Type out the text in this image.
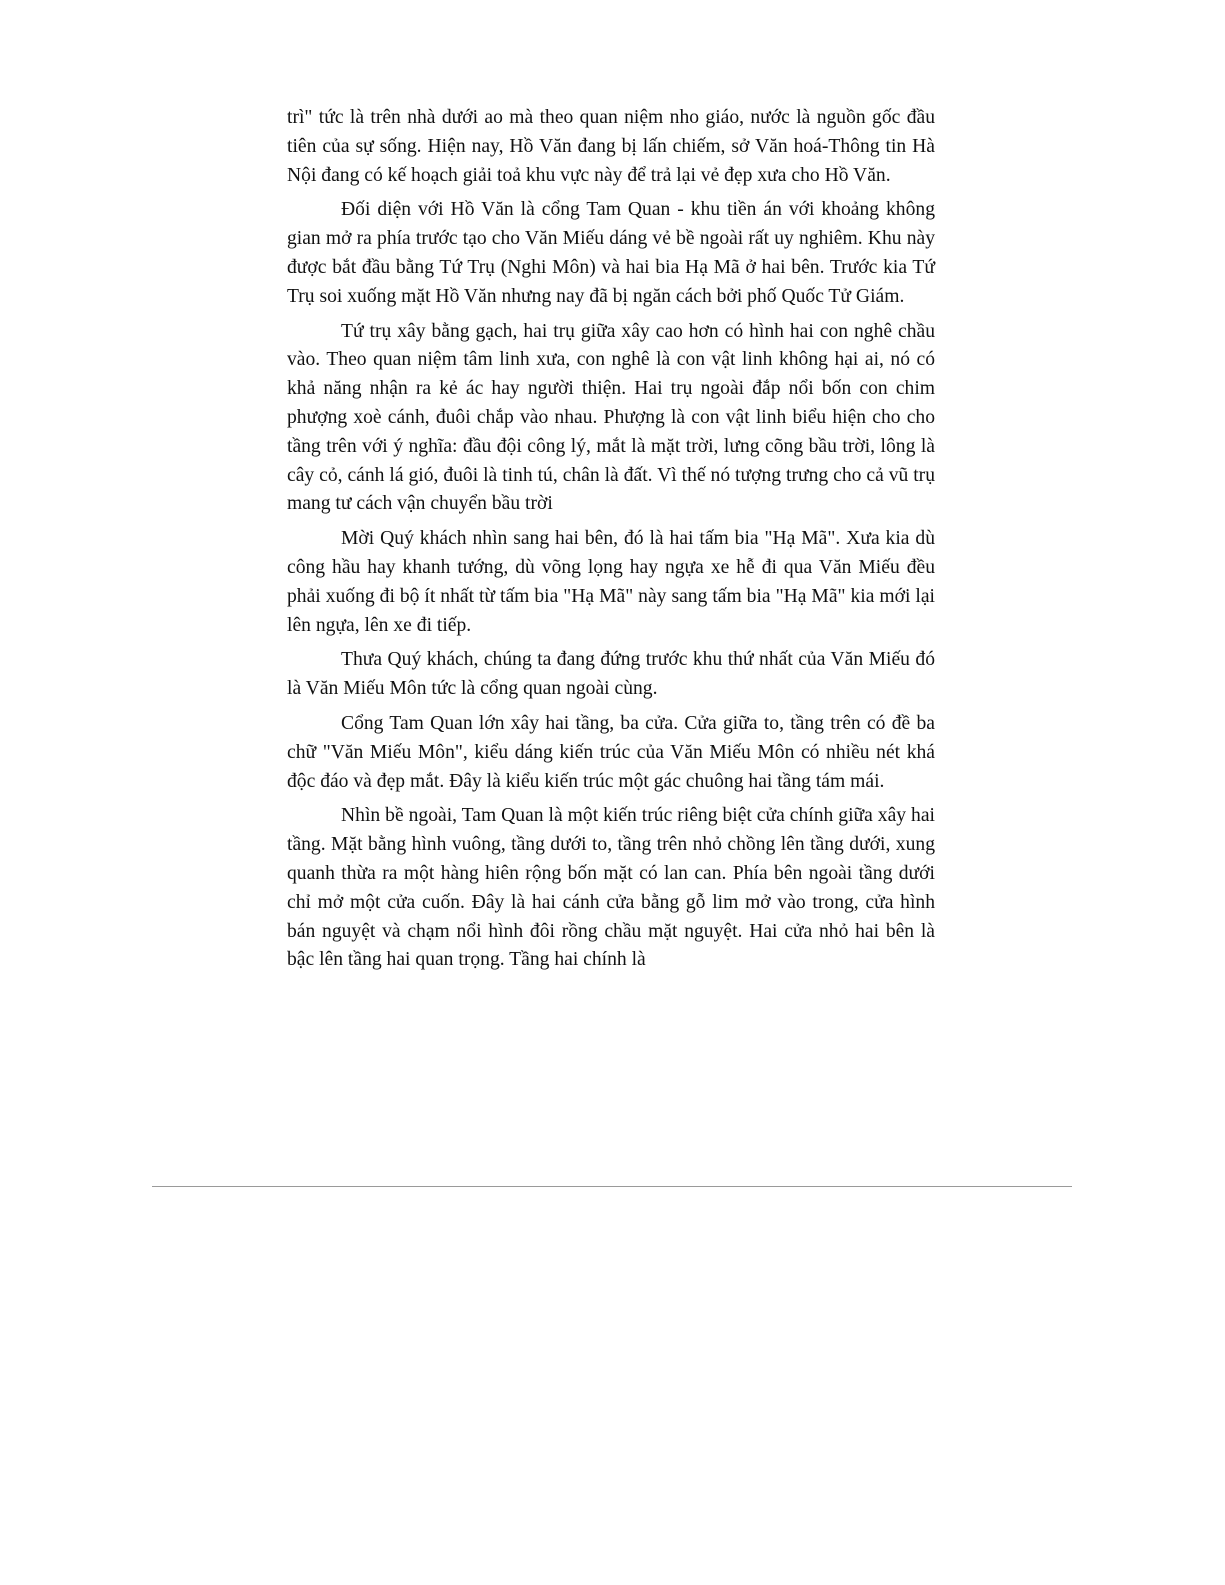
trì" tức là trên nhà dưới ao mà theo quan niệm nho giáo, nước là nguồn gốc đầu tiên của sự sống. Hiện nay, Hồ Văn đang bị lấn chiếm, sở Văn hoá-Thông tin Hà Nội đang có kế hoạch giải toả khu vực này để trả lại vẻ đẹp xưa cho Hồ Văn.

Đối diện với Hồ Văn là cổng Tam Quan - khu tiền án với khoảng không gian mở ra phía trước tạo cho Văn Miếu dáng vẻ bề ngoài rất uy nghiêm. Khu này được bắt đầu bằng Tứ Trụ (Nghi Môn) và hai bia Hạ Mã ở hai bên. Trước kia Tứ Trụ soi xuống mặt Hồ Văn nhưng nay đã bị ngăn cách bởi phố Quốc Tử Giám.

Tứ trụ xây bằng gạch, hai trụ giữa xây cao hơn có hình hai con nghê chầu vào. Theo quan niệm tâm linh xưa, con nghê là con vật linh không hại ai, nó có khả năng nhận ra kẻ ác hay người thiện. Hai trụ ngoài đắp nổi bốn con chim phượng xoè cánh, đuôi chắp vào nhau. Phượng là con vật linh biểu hiện cho cho tầng trên với ý nghĩa: đầu đội công lý, mắt là mặt trời, lưng cõng bầu trời, lông là cây cỏ, cánh lá gió, đuôi là tinh tú, chân là đất. Vì thế nó tượng trưng cho cả vũ trụ mang tư cách vận chuyển bầu trời

Mời Quý khách nhìn sang hai bên, đó là hai tấm bia "Hạ Mã". Xưa kia dù công hầu hay khanh tướng, dù võng lọng hay ngựa xe hễ đi qua Văn Miếu đều phải xuống đi bộ ít nhất từ tấm bia "Hạ Mã" này sang tấm bia "Hạ Mã" kia mới lại lên ngựa, lên xe đi tiếp.

Thưa Quý khách, chúng ta đang đứng trước khu thứ nhất của Văn Miếu đó là Văn Miếu Môn tức là cổng quan ngoài cùng.

Cổng Tam Quan lớn xây hai tầng, ba cửa. Cửa giữa to, tầng trên có đề ba chữ "Văn Miếu Môn", kiểu dáng kiến trúc của Văn Miếu Môn có nhiều nét khá độc đáo và đẹp mắt. Đây là kiểu kiến trúc một gác chuông hai tầng tám mái.

Nhìn bề ngoài, Tam Quan là một kiến trúc riêng biệt cửa chính giữa xây hai tầng. Mặt bằng hình vuông, tầng dưới to, tầng trên nhỏ chồng lên tầng dưới, xung quanh thừa ra một hàng hiên rộng bốn mặt có lan can. Phía bên ngoài tầng dưới chỉ mở một cửa cuốn. Đây là hai cánh cửa bằng gỗ lim mở vào trong, cửa hình bán nguyệt và chạm nổi hình đôi rồng chầu mặt nguyệt. Hai cửa nhỏ hai bên là bậc lên tầng hai quan trọng. Tầng hai chính là
